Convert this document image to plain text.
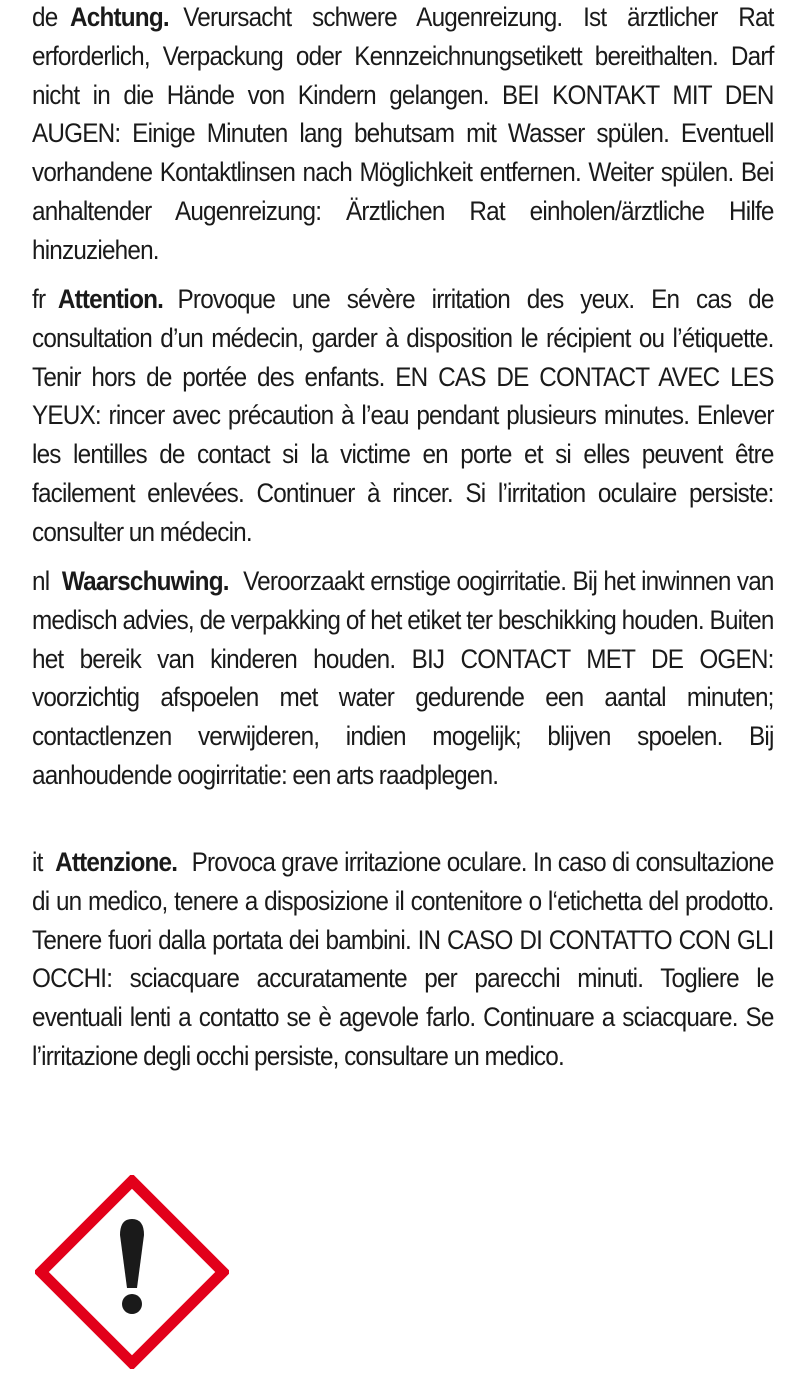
de Achtung. Verursacht schwere Augenreizung. Ist ärztlicher Rat erforderlich, Verpackung oder Kennzeichnungsetikett bereithalten. Darf nicht in die Hände von Kindern gelangen. BEI KONTAKT MIT DEN AUGEN: Einige Minuten lang behutsam mit Wasser spülen. Eventuell vorhandene Kontaktlinsen nach Möglichkeit entfernen. Weiter spülen. Bei anhaltender Augenreizung: Ärztlichen Rat einholen/ärztliche Hilfe hinzuziehen.

fr Attention. Provoque une sévère irritation des yeux. En cas de consultation d’un médecin, garder à disposition le récipient ou l’étiquette. Tenir hors de portée des enfants. EN CAS DE CONTACT AVEC LES YEUX: rincer avec précaution à l’eau pendant plusieurs minutes. Enlever les lentilles de contact si la victime en porte et si elles peuvent être facilement enlevées. Continuer à rincer. Si l’irritation oculaire persiste: consulter un médecin.

nl Waarschuwing. Veroorzaakt ernstige oogirritatie. Bij het inwinnen van medisch advies, de verpakking of het etiket ter beschikking houden. Buiten het bereik van kinderen houden. BIJ CONTACT MET DE OGEN: voorzichtig afspoelen met water gedurende een aantal minuten; contactlenzen verwijderen, indien mogelijk; blijven spoelen. Bij aanhoudende oogirritatie: een arts raadplegen.

it Attenzione. Provoca grave irritazione oculare. In caso di consultazione di un medico, tenere a disposizione il contenitore o l‘etichetta del prodotto. Tenere fuori dalla portata dei bambini. IN CASO DI CONTATTO CON GLI OCCHI: sciacquare accuratamente per parecchi minuti. Togliere le eventuali lenti a contatto se è agevole farlo. Continuare a sciacquare. Se l’irritazione degli occhi persiste, consultare un medico.
